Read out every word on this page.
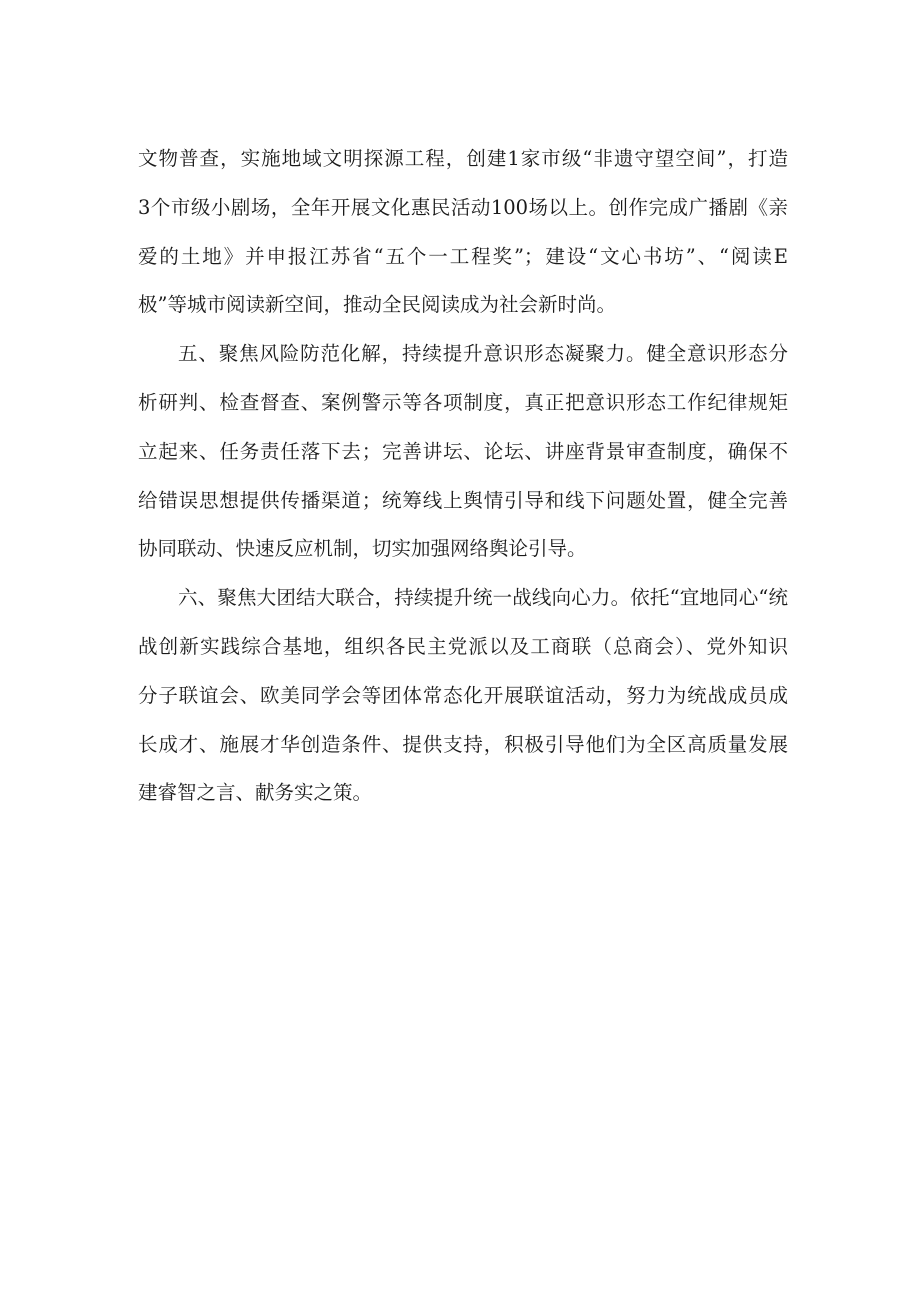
文物普查，实施地域文明探源工程，创建1家市级“非遗守望空间”，打造

3个市级小剧场，全年开展文化惠民活动100场以上。创作完成广播剧《亲

爱的土地》并申报江苏省“五个一工程奖”；建设“文心书坊”、“阅读E

极”等城市阅读新空间，推动全民阅读成为社会新时尚。

五、聚焦风险防范化解，持续提升意识形态凝聚力。健全意识形态分

析研判、检查督查、案例警示等各项制度，真正把意识形态工作纪律规矩

立起来、任务责任落下去；完善讲坛、论坛、讲座背景审查制度，确保不

给错误思想提供传播渠道；统筹线上舆情引导和线下问题处置，健全完善

协同联动、快速反应机制，切实加强网络舆论引导。

六、聚焦大团结大联合，持续提升统一战线向心力。依托“宜地同心“统

战创新实践综合基地，组织各民主党派以及工商联（总商会）、党外知识

分子联谊会、欧美同学会等团体常态化开展联谊活动，努力为统战成员成

长成才、施展才华创造条件、提供支持，积极引导他们为全区高质量发展

建睿智之言、献务实之策。
